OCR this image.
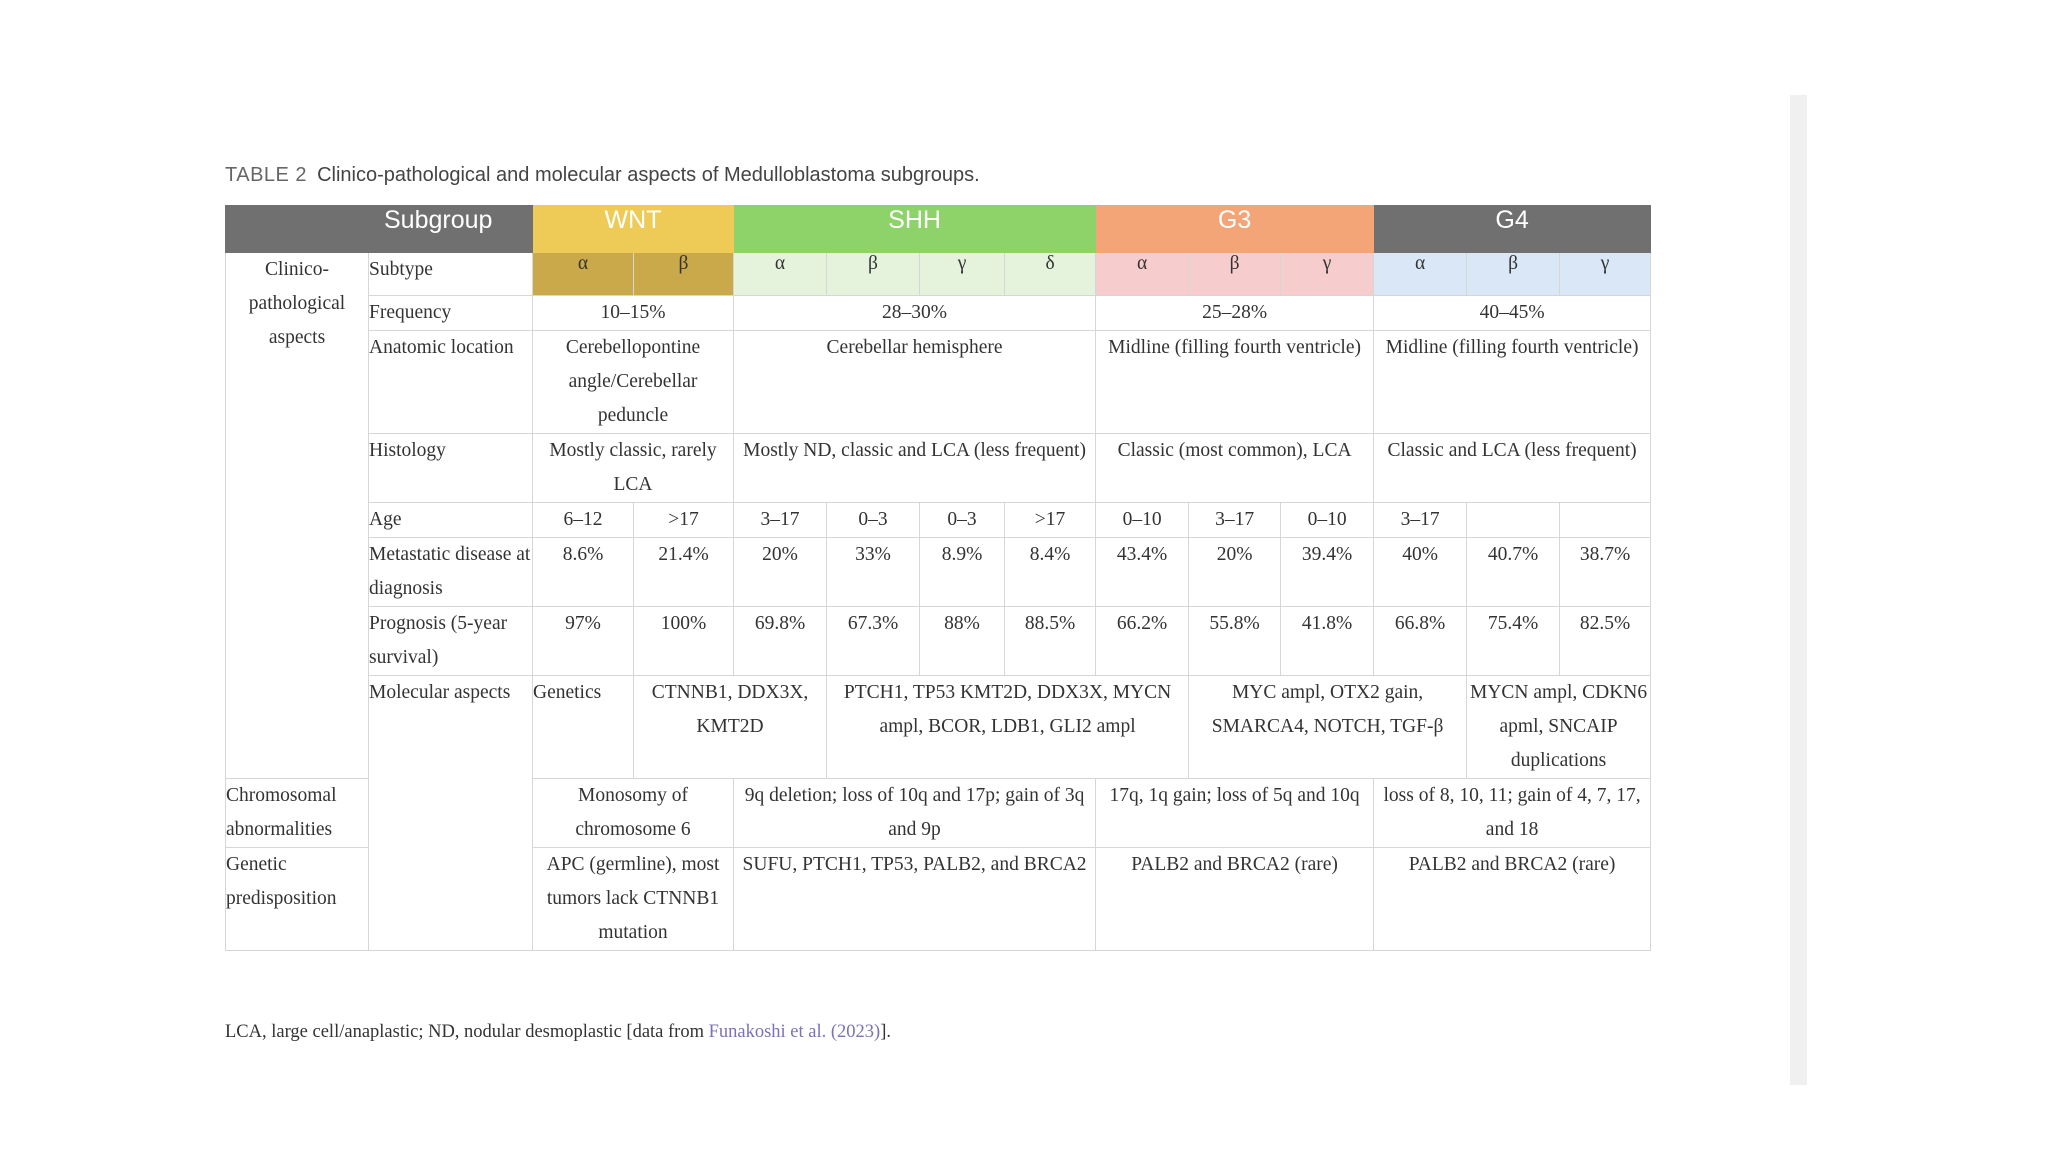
TABLE 2 Clinico-pathological and molecular aspects of Medulloblastoma subgroups.
	Subgroup	WNT		SHH				G3			G4		
Clinico-pathological aspects	Subtype	α	β	α	β	γ	δ	α	β	γ	α	β	γ
	Frequency	10–15%		28–30%				25–28%			40–45%		
	Anatomic location	Cerebellopontine angle/Cerebellar peduncle		Cerebellar hemisphere				Midline (filling fourth ventricle)			Midline (filling fourth ventricle)		
	Histology	Mostly classic, rarely LCA		Mostly ND, classic and LCA (less frequent)				Classic (most common), LCA			Classic and LCA (less frequent)		
	Age	6–12	>17	3–17	0–3	0–3	>17	0–10	3–17	0–10	3–17		
	Metastatic disease at diagnosis	8.6%	21.4%	20%	33%	8.9%	8.4%	43.4%	20%	39.4%	40%	40.7%	38.7%
	Prognosis (5-year survival)	97%	100%	69.8%	67.3%	88%	88.5%	66.2%	55.8%	41.8%	66.8%	75.4%	82.5%
	Molecular aspects	Genetics	CTNNB1, DDX3X, KMT2D		PTCH1, TP53 KMT2D, DDX3X, MYCN ampl, BCOR, LDB1, GLI2 ampl				MYC ampl, OTX2 gain, SMARCA4, NOTCH, TGF-β			MYCN ampl, CDKN6 apml, SNCAIP duplications	
Chromosomal abnormalities		Monosomy of chromosome 6		9q deletion; loss of 10q and 17p; gain of 3q and 9p				17q, 1q gain; loss of 5q and 10q			loss of 8, 10, 11; gain of 4, 7, 17, and 18		
Genetic predisposition		APC (germline), most tumors lack CTNNB1 mutation		SUFU, PTCH1, TP53, PALB2, and BRCA2				PALB2 and BRCA2 (rare)			PALB2 and BRCA2 (rare)		
LCA, large cell/anaplastic; ND, nodular desmoplastic [data from Funakoshi et al. (2023)].
